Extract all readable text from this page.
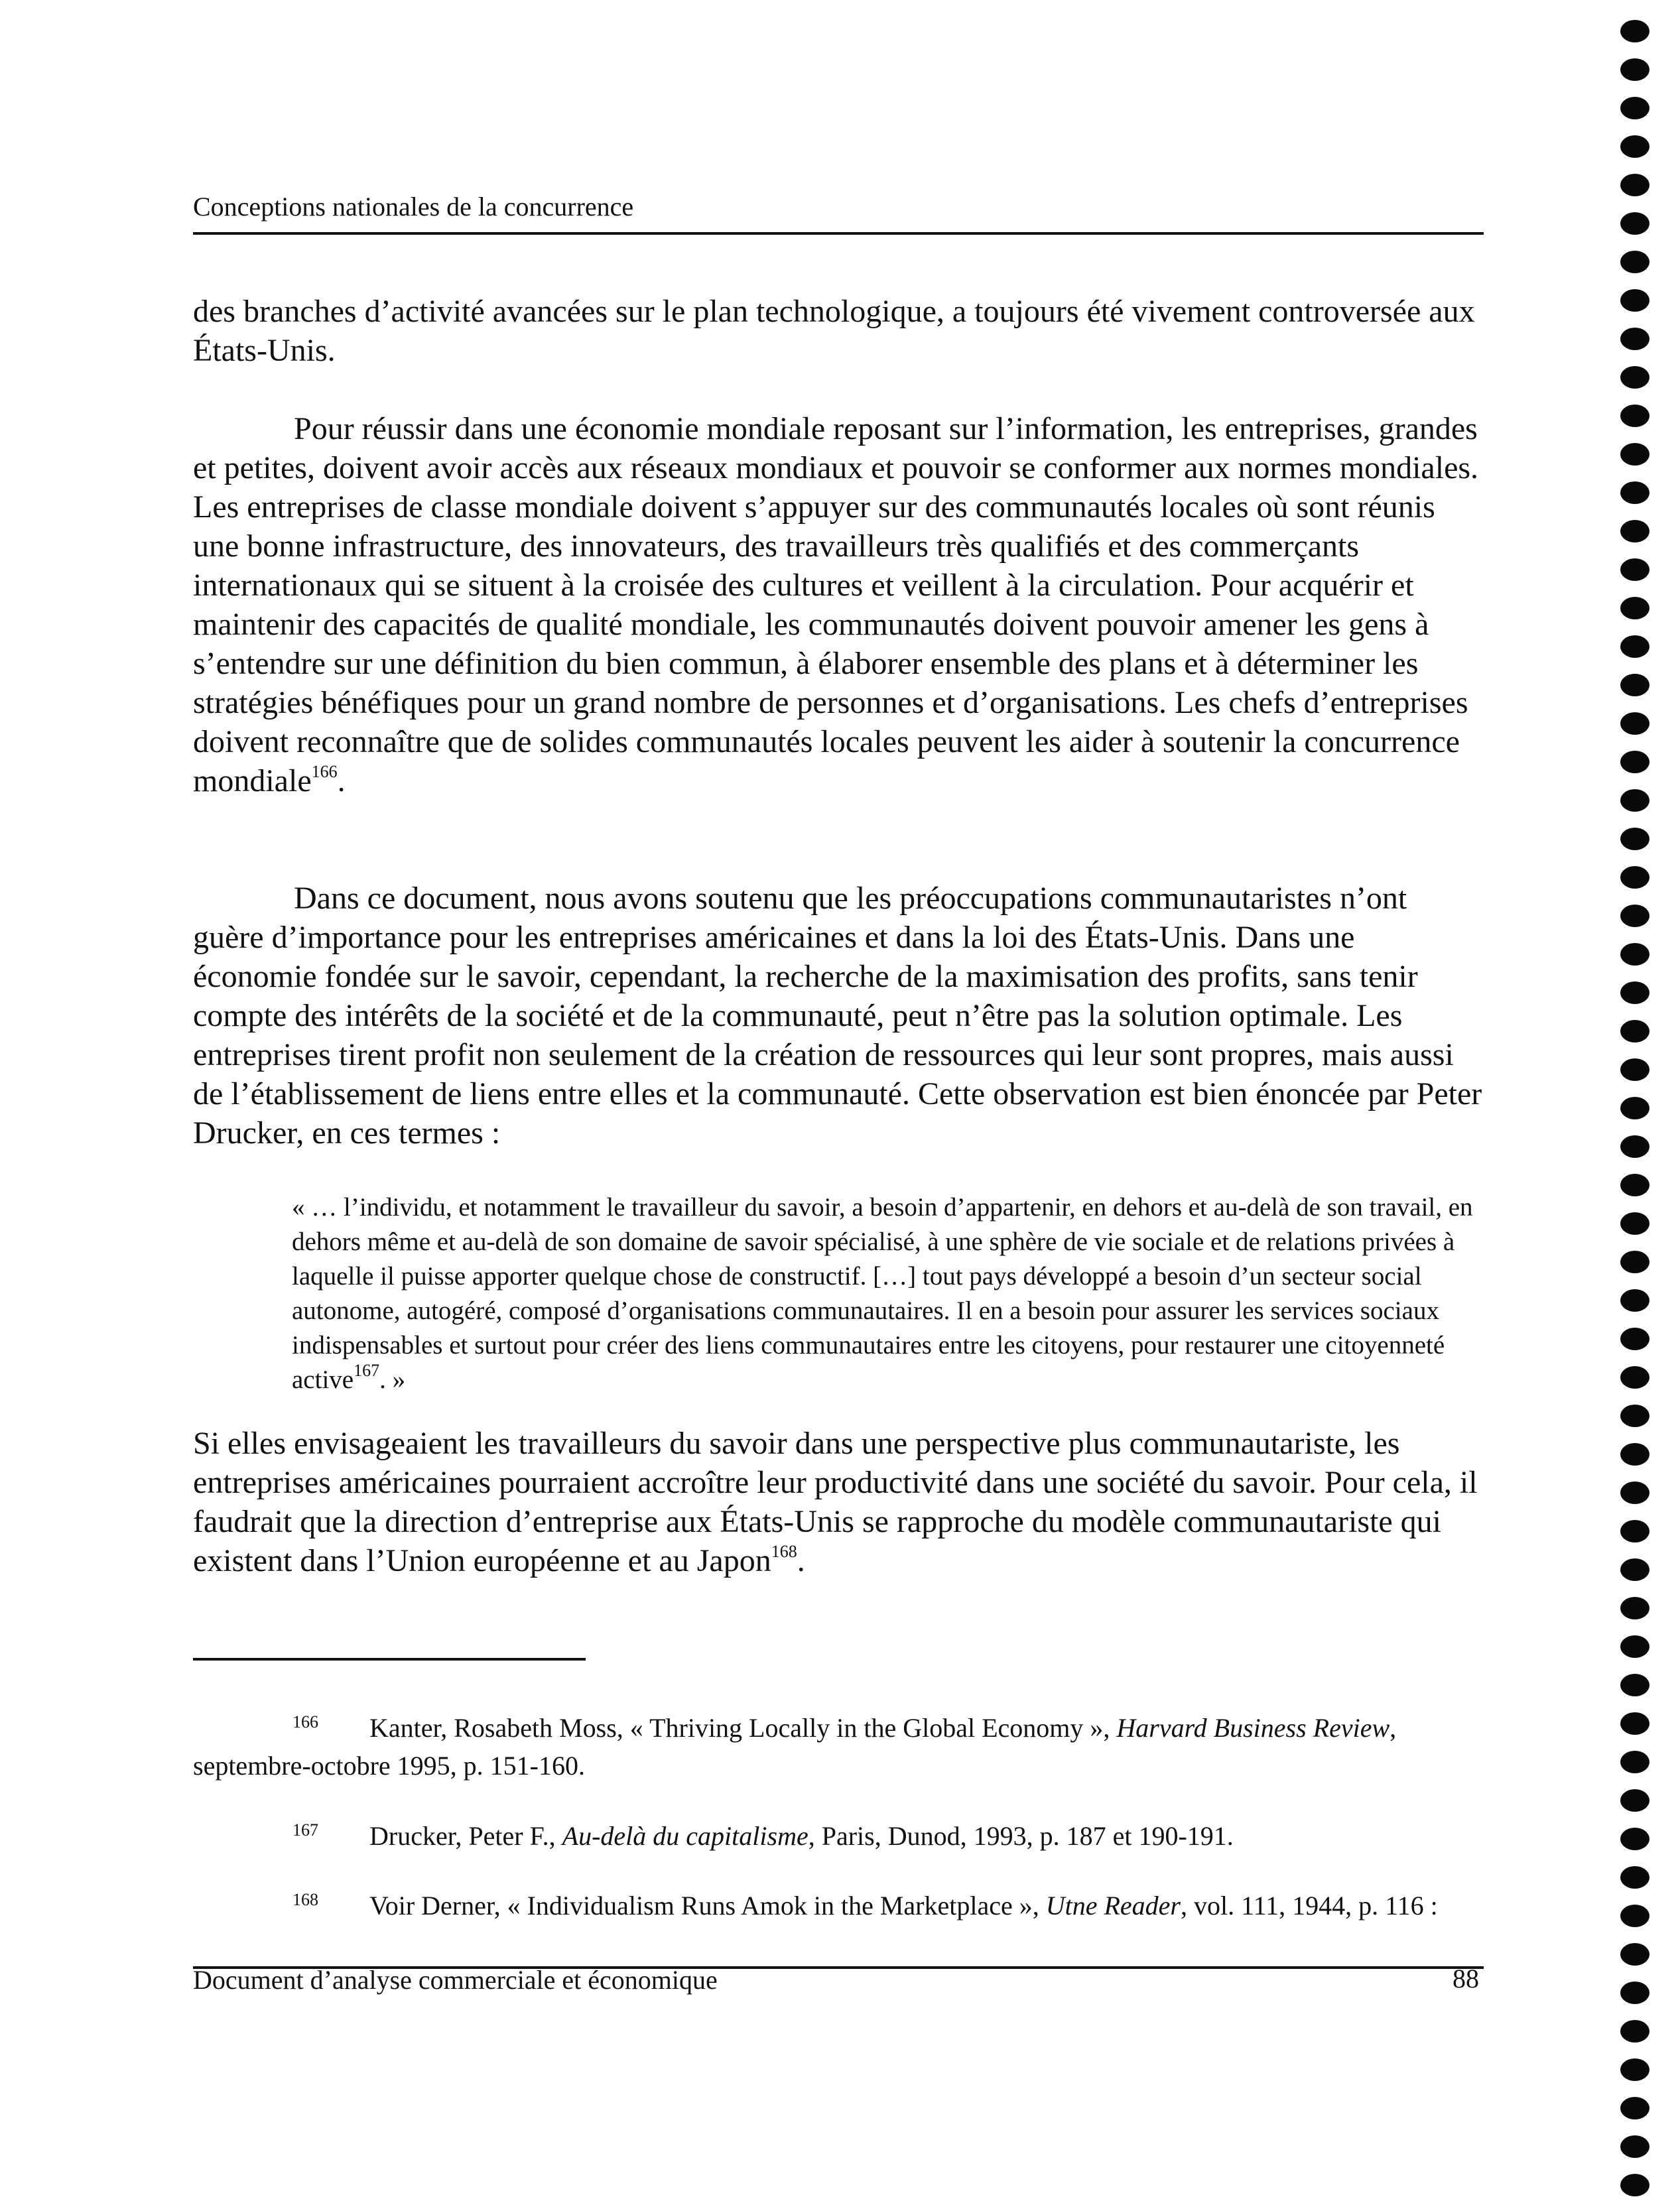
Conceptions nationales de la concurrence

des branches d’activité avancées sur le plan technologique, a toujours été vivement controversée aux États-Unis.

Pour réussir dans une économie mondiale reposant sur l’information, les entreprises, grandes et petites, doivent avoir accès aux réseaux mondiaux et pouvoir se conformer aux normes mondiales. Les entreprises de classe mondiale doivent s’appuyer sur des communautés locales où sont réunis une bonne infrastructure, des innovateurs, des travailleurs très qualifiés et des commerçants internationaux qui se situent à la croisée des cultures et veillent à la circulation. Pour acquérir et maintenir des capacités de qualité mondiale, les communautés doivent pouvoir amener les gens à s’entendre sur une définition du bien commun, à élaborer ensemble des plans et à déterminer les stratégies bénéfiques pour un grand nombre de personnes et d’organisations. Les chefs d’entreprises doivent reconnaître que de solides communautés locales peuvent les aider à soutenir la concurrence mondiale$^{166}$.

Dans ce document, nous avons soutenu que les préoccupations communautaristes n’ont guère d’importance pour les entreprises américaines et dans la loi des États-Unis. Dans une économie fondée sur le savoir, cependant, la recherche de la maximisation des profits, sans tenir compte des intérêts de la société et de la communauté, peut n’être pas la solution optimale. Les entreprises tirent profit non seulement de la création de ressources qui leur sont propres, mais aussi de l’établissement de liens entre elles et la communauté. Cette observation est bien énoncée par Peter Drucker, en ces termes :

« … l’individu, et notamment le travailleur du savoir, a besoin d’appartenir, en dehors et au-delà de son travail, en dehors même et au-delà de son domaine de savoir spécialisé, à une sphère de vie sociale et de relations privées à laquelle il puisse apporter quelque chose de constructif. […] tout pays développé a besoin d’un secteur social autonome, autogéré, composé d’organisations communautaires. Il en a besoin pour assurer les services sociaux indispensables et surtout pour créer des liens communautaires entre les citoyens, pour restaurer une citoyenneté active$^{167}$. »

Si elles envisageaient les travailleurs du savoir dans une perspective plus communautariste, les entreprises américaines pourraient accroître leur productivité dans une société du savoir. Pour cela, il faudrait que la direction d’entreprise aux États-Unis se rapproche du modèle communautariste qui existent dans l’Union européenne et au Japon$^{168}$.

166 Kanter, Rosabeth Moss, « Thriving Locally in the Global Economy », Harvard Business Review, septembre-octobre 1995, p. 151-160.

167 Drucker, Peter F., Au-delà du capitalisme, Paris, Dunod, 1993, p. 187 et 190-191.

168 Voir Derner, « Individualism Runs Amok in the Marketplace », Utne Reader, vol. 111, 1944, p. 116 :

Document d’analyse commerciale et économique	88
